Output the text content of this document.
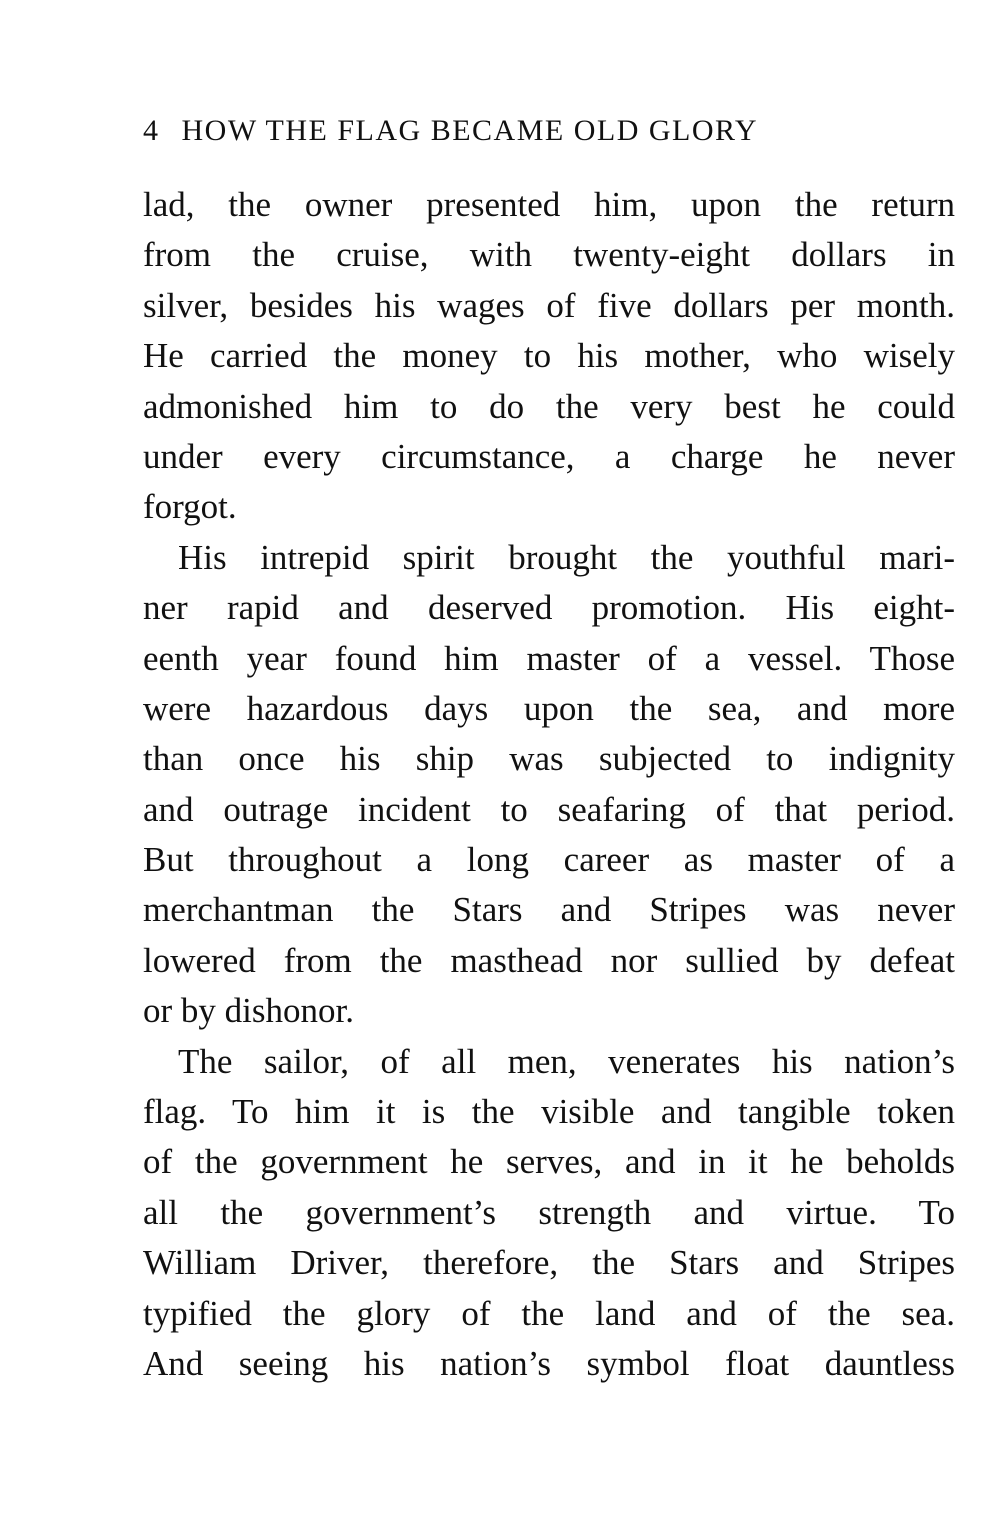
4 HOW THE FLAG BECAME OLD GLORY
lad, the owner presented him, upon the return
from the cruise, with twenty-eight dollars in
silver, besides his wages of five dollars per month.
He carried the money to his mother, who wisely
admonished him to do the very best he could
under every circumstance, a charge he never
forgot.
His intrepid spirit brought the youthful mari-
ner rapid and deserved promotion. His eight-
eenth year found him master of a vessel. Those
were hazardous days upon the sea, and more
than once his ship was subjected to indignity
and outrage incident to seafaring of that period.
But throughout a long career as master of a
merchantman the Stars and Stripes was never
lowered from the masthead nor sullied by defeat
or by dishonor.
The sailor, of all men, venerates his nation’s
flag. To him it is the visible and tangible token
of the government he serves, and in it he beholds
all the government’s strength and virtue. To
William Driver, therefore, the Stars and Stripes
typified the glory of the land and of the sea.
And seeing his nation’s symbol float dauntless
